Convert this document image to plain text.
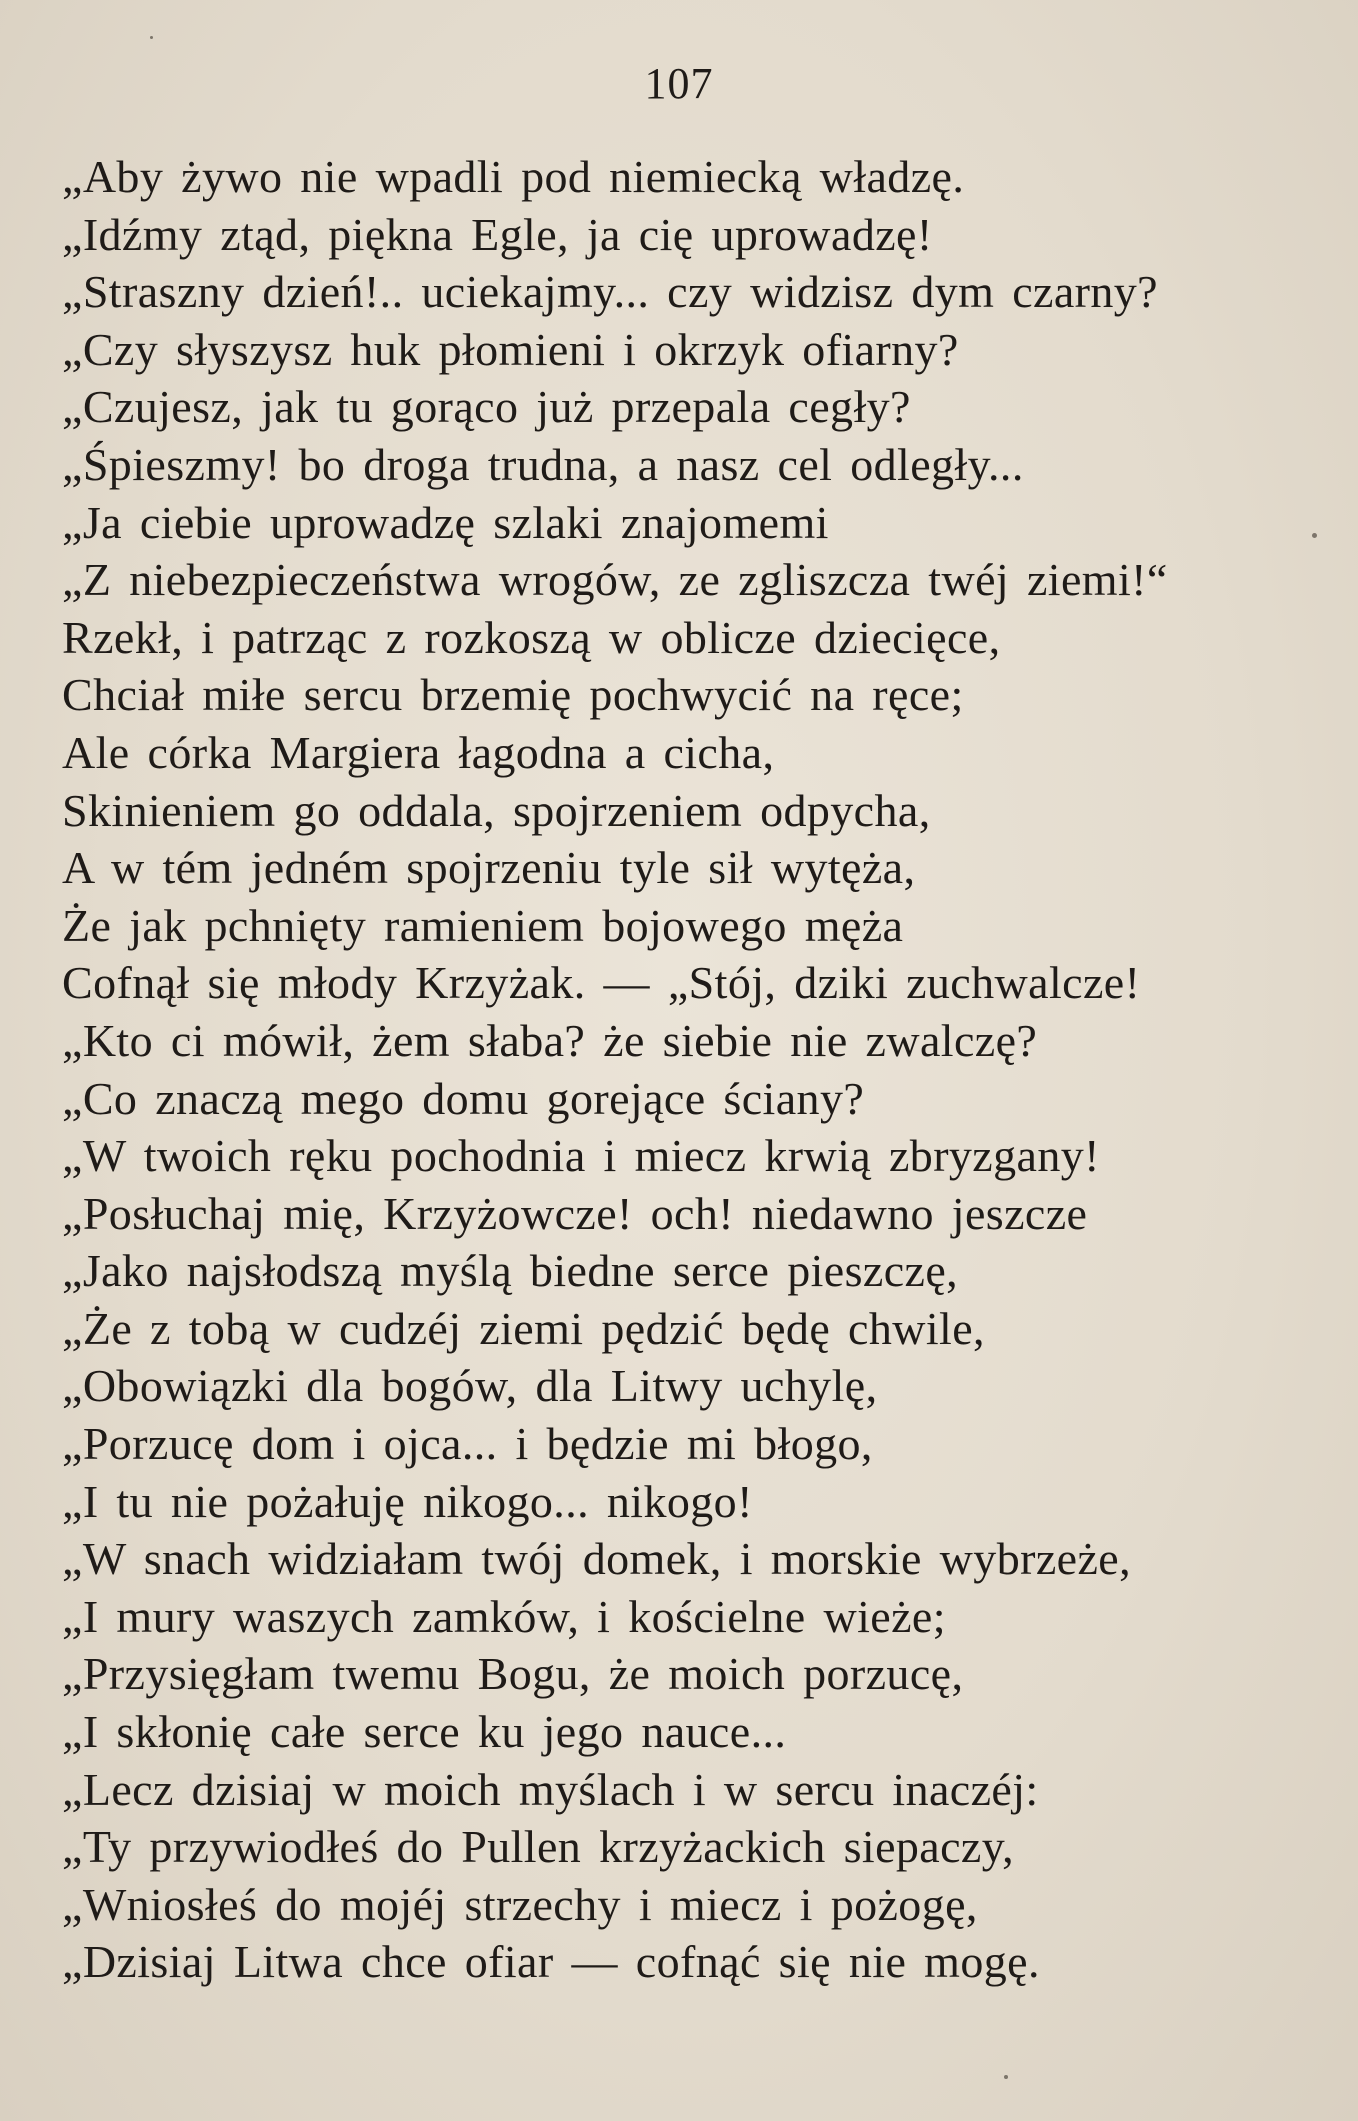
107
„Aby żywo nie wpadli pod niemiecką władzę.
„Idźmy ztąd, piękna Egle, ja cię uprowadzę!
„Straszny dzień!.. uciekajmy... czy widzisz dym czarny?
„Czy słyszysz huk płomieni i okrzyk ofiarny?
„Czujesz, jak tu gorąco już przepala cegły?
„Śpieszmy! bo droga trudna, a nasz cel odległy...
„Ja ciebie uprowadzę szlaki znajomemi
„Z niebezpieczeństwa wrogów, ze zgliszcza twéj ziemi!“
Rzekł, i patrząc z rozkoszą w oblicze dziecięce,
Chciał miłe sercu brzemię pochwycić na ręce;
Ale córka Margiera łagodna a cicha,
Skinieniem go oddala, spojrzeniem odpycha,
A w tém jedném spojrzeniu tyle sił wytęża,
Że jak pchnięty ramieniem bojowego męża
Cofnął się młody Krzyżak. — „Stój, dziki zuchwalcze!
„Kto ci mówił, żem słaba? że siebie nie zwalczę?
„Co znaczą mego domu gorejące ściany?
„W twoich ręku pochodnia i miecz krwią zbryzgany!
„Posłuchaj mię, Krzyżowcze! och! niedawno jeszcze
„Jako najsłodszą myślą biedne serce pieszczę,
„Że z tobą w cudzéj ziemi pędzić będę chwile,
„Obowiązki dla bogów, dla Litwy uchylę,
„Porzucę dom i ojca... i będzie mi błogo,
„I tu nie pożałuję nikogo... nikogo!
„W snach widziałam twój domek, i morskie wybrzeże,
„I mury waszych zamków, i kościelne wieże;
„Przysięgłam twemu Bogu, że moich porzucę,
„I skłonię całe serce ku jego nauce...
„Lecz dzisiaj w moich myślach i w sercu inaczéj:
„Ty przywiodłeś do Pullen krzyżackich siepaczy,
„Wniosłeś do mojéj strzechy i miecz i pożogę,
„Dzisiaj Litwa chce ofiar — cofnąć się nie mogę.
